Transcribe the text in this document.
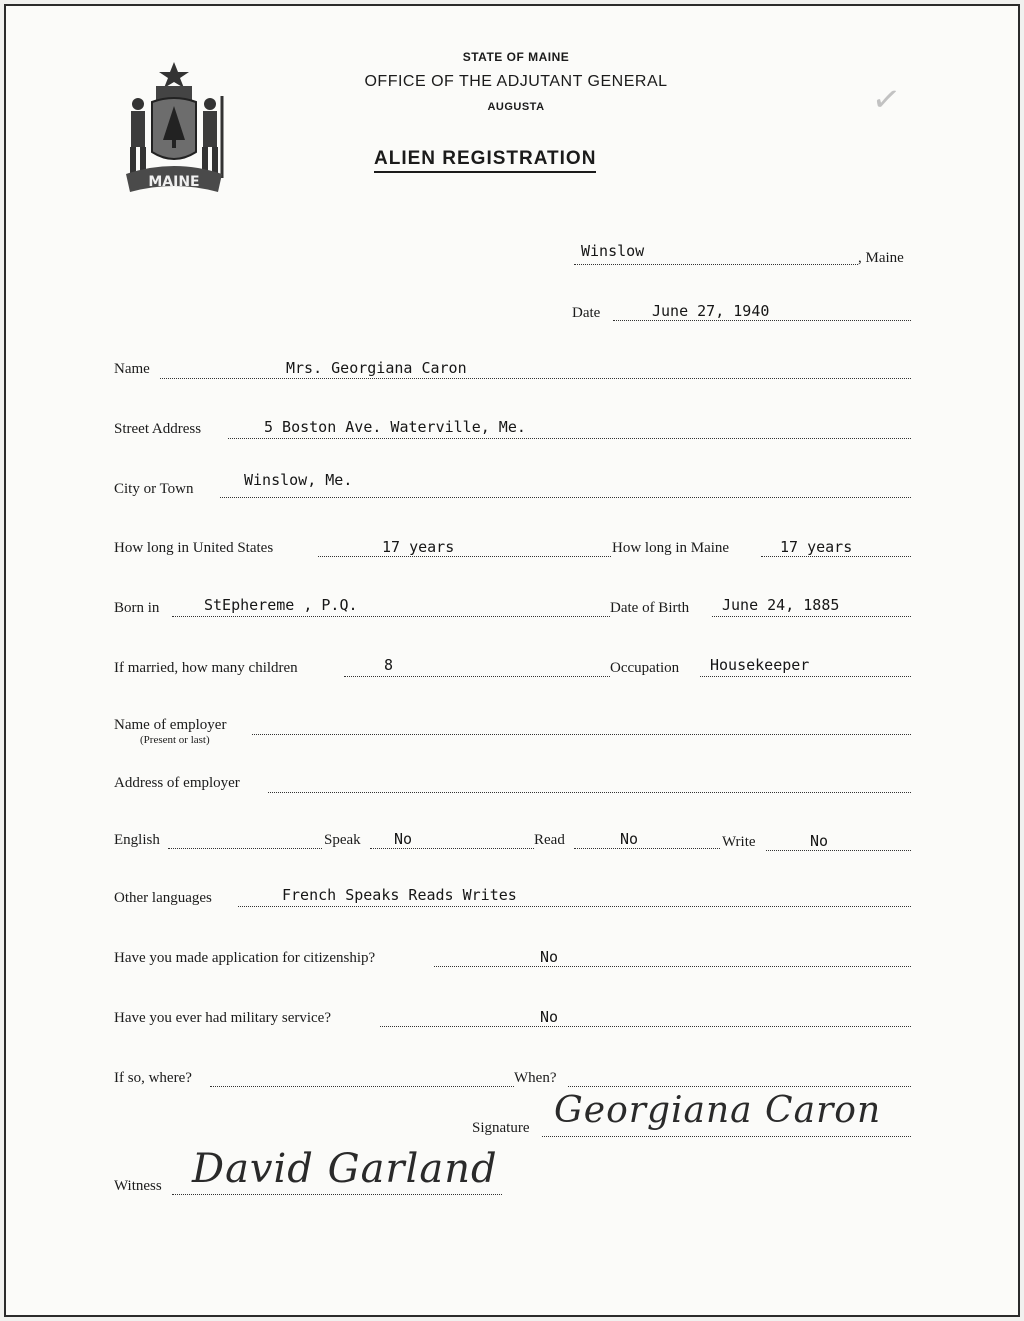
MAINE
✓
STATE OF MAINE
OFFICE OF THE ADJUTANT GENERAL
AUGUSTA
ALIEN REGISTRATION
Winslow	, Maine
Date	June 27, 1940
Name	Mrs. Georgiana Caron
Street Address	5 Boston Ave. Waterville, Me.
City or Town	Winslow, Me.
How long in United States	17 years	How long in Maine	17 years
Born in	StEphereme , P.Q.	Date of Birth June 24, 1885
If married, how many children	8	Occupation Housekeeper
Name of employer
(Present or last)
Address of employer
English	Speak No	Read	No	Write	No
Other languages	French Speaks Reads Writes
Have you made application for citizenship?	No
Have you ever had military service?	No
If so, where?	When?
Signature Georgiana Caron
Witness David Garland
